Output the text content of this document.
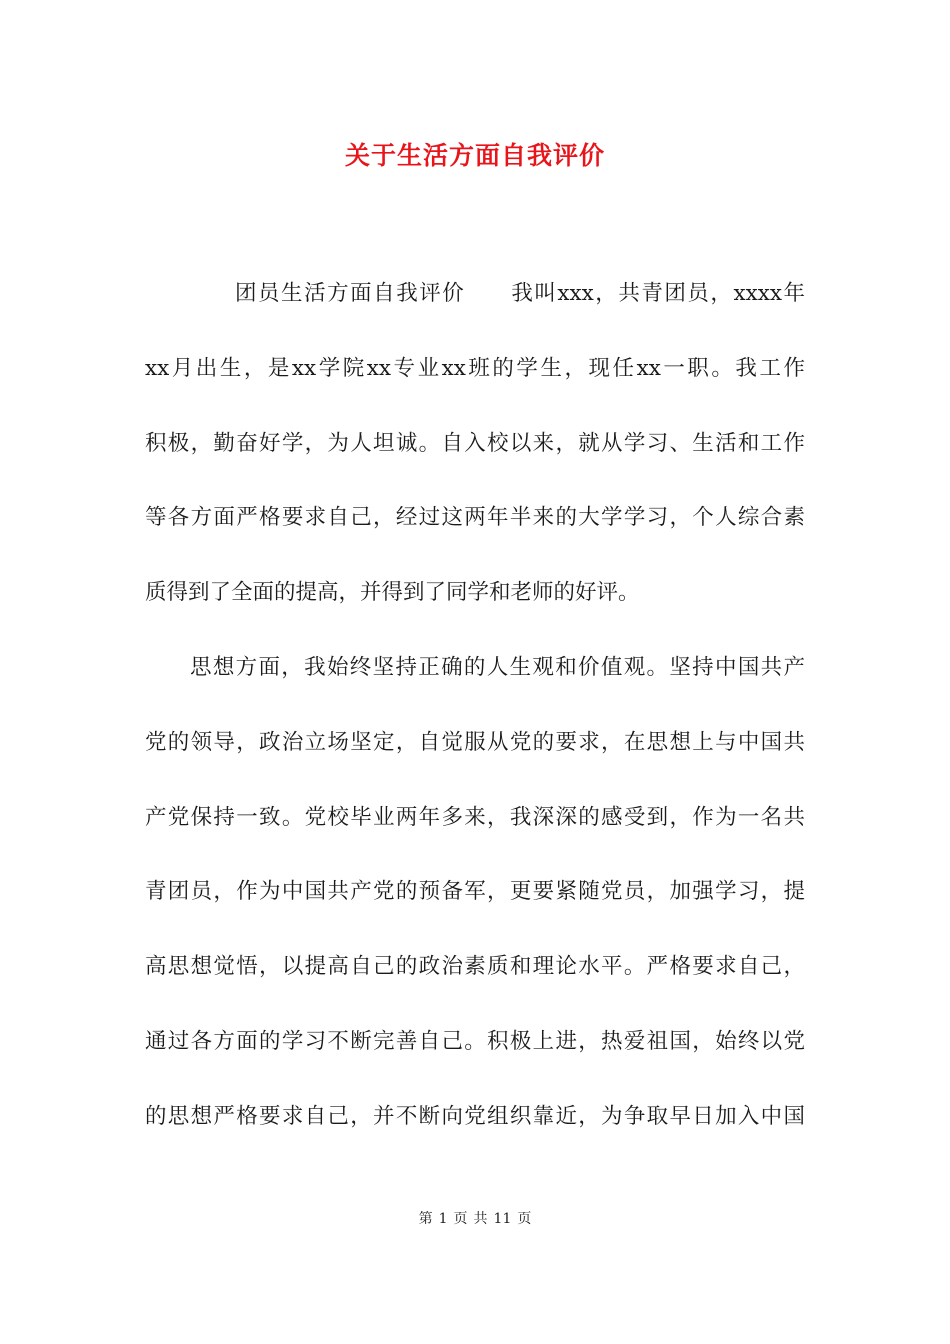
关于生活方面自我评价
团员生活方面自我评价　　我叫xxx，共青团员，xxxx年
xx月出生，是xx学院xx专业xx班的学生，现任xx一职。我工作
积极，勤奋好学，为人坦诚。自入校以来，就从学习、生活和工作
等各方面严格要求自己，经过这两年半来的大学学习，个人综合素
质得到了全面的提高，并得到了同学和老师的好评。
思想方面，我始终坚持正确的人生观和价值观。坚持中国共产
党的领导，政治立场坚定，自觉服从党的要求，在思想上与中国共
产党保持一致。党校毕业两年多来，我深深的感受到，作为一名共
青团员，作为中国共产党的预备军，更要紧随党员，加强学习，提
高思想觉悟，以提高自己的政治素质和理论水平。严格要求自己，
通过各方面的学习不断完善自己。积极上进，热爱祖国，始终以党
的思想严格要求自己，并不断向党组织靠近，为争取早日加入中国
第 1 页 共 11 页
